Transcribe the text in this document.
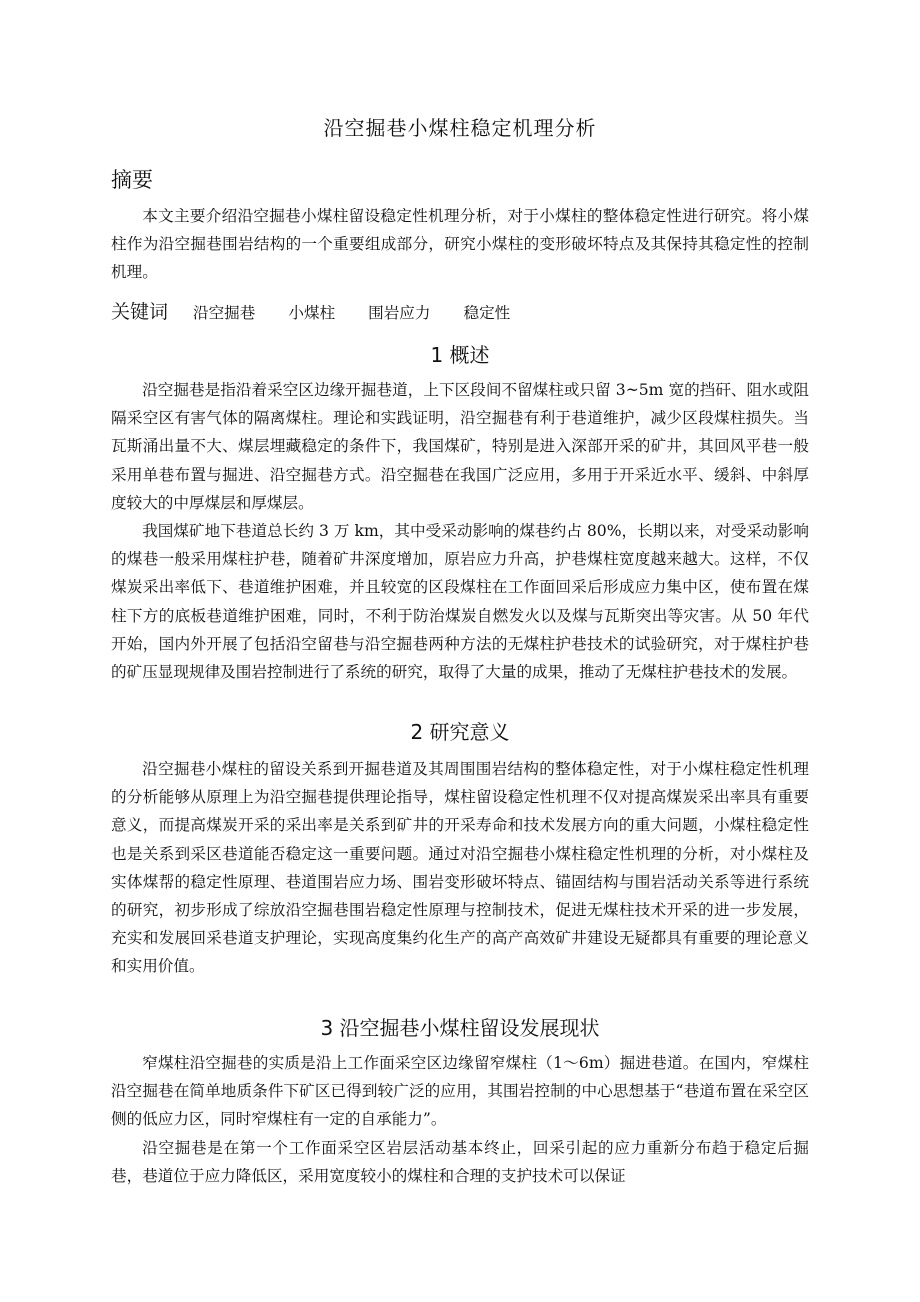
沿空掘巷小煤柱稳定机理分析
摘要

本文主要介绍沿空掘巷小煤柱留设稳定性机理分析，对于小煤柱的整体稳定性进行研究。将小煤柱作为沿空掘巷围岩结构的一个重要组成部分，研究小煤柱的变形破坏特点及其保持其稳定性的控制机理。

关键词 沿空掘巷 小煤柱 围岩应力 稳定性
1 概述

沿空掘巷是指沿着采空区边缘开掘巷道，上下区段间不留煤柱或只留 3~5m 宽的挡矸、阻水或阻隔采空区有害气体的隔离煤柱。理论和实践证明，沿空掘巷有利于巷道维护，减少区段煤柱损失。当瓦斯涌出量不大、煤层埋藏稳定的条件下，我国煤矿，特别是进入深部开采的矿井，其回风平巷一般采用单巷布置与掘进、沿空掘巷方式。沿空掘巷在我国广泛应用，多用于开采近水平、缓斜、中斜厚度较大的中厚煤层和厚煤层。

我国煤矿地下巷道总长约 3 万 km，其中受采动影响的煤巷约占 80%，长期以来，对受采动影响的煤巷一般采用煤柱护巷，随着矿井深度增加，原岩应力升高，护巷煤柱宽度越来越大。这样，不仅煤炭采出率低下、巷道维护困难，并且较宽的区段煤柱在工作面回采后形成应力集中区，使布置在煤柱下方的底板巷道维护困难，同时，不利于防治煤炭自燃发火以及煤与瓦斯突出等灾害。从 50 年代开始，国内外开展了包括沿空留巷与沿空掘巷两种方法的无煤柱护巷技术的试验研究，对于煤柱护巷的矿压显现规律及围岩控制进行了系统的研究，取得了大量的成果，推动了无煤柱护巷技术的发展。

2 研究意义

沿空掘巷小煤柱的留设关系到开掘巷道及其周围围岩结构的整体稳定性，对于小煤柱稳定性机理的分析能够从原理上为沿空掘巷提供理论指导，煤柱留设稳定性机理不仅对提高煤炭采出率具有重要意义，而提高煤炭开采的采出率是关系到矿井的开采寿命和技术发展方向的重大问题，小煤柱稳定性也是关系到采区巷道能否稳定这一重要问题。通过对沿空掘巷小煤柱稳定性机理的分析，对小煤柱及实体煤帮的稳定性原理、巷道围岩应力场、围岩变形破坏特点、锚固结构与围岩活动关系等进行系统的研究，初步形成了综放沿空掘巷围岩稳定性原理与控制技术，促进无煤柱技术开采的进一步发展，充实和发展回采巷道支护理论，实现高度集约化生产的高产高效矿井建设无疑都具有重要的理论意义和实用价值。

3 沿空掘巷小煤柱留设发展现状

窄煤柱沿空掘巷的实质是沿上工作面采空区边缘留窄煤柱（1～6m）掘进巷道。在国内，窄煤柱沿空掘巷在简单地质条件下矿区已得到较广泛的应用，其围岩控制的中心思想基于“巷道布置在采空区侧的低应力区，同时窄煤柱有一定的自承能力”。

沿空掘巷是在第一个工作面采空区岩层活动基本终止，回采引起的应力重新分布趋于稳定后掘巷，巷道位于应力降低区，采用宽度较小的煤柱和合理的支护技术可以保证
